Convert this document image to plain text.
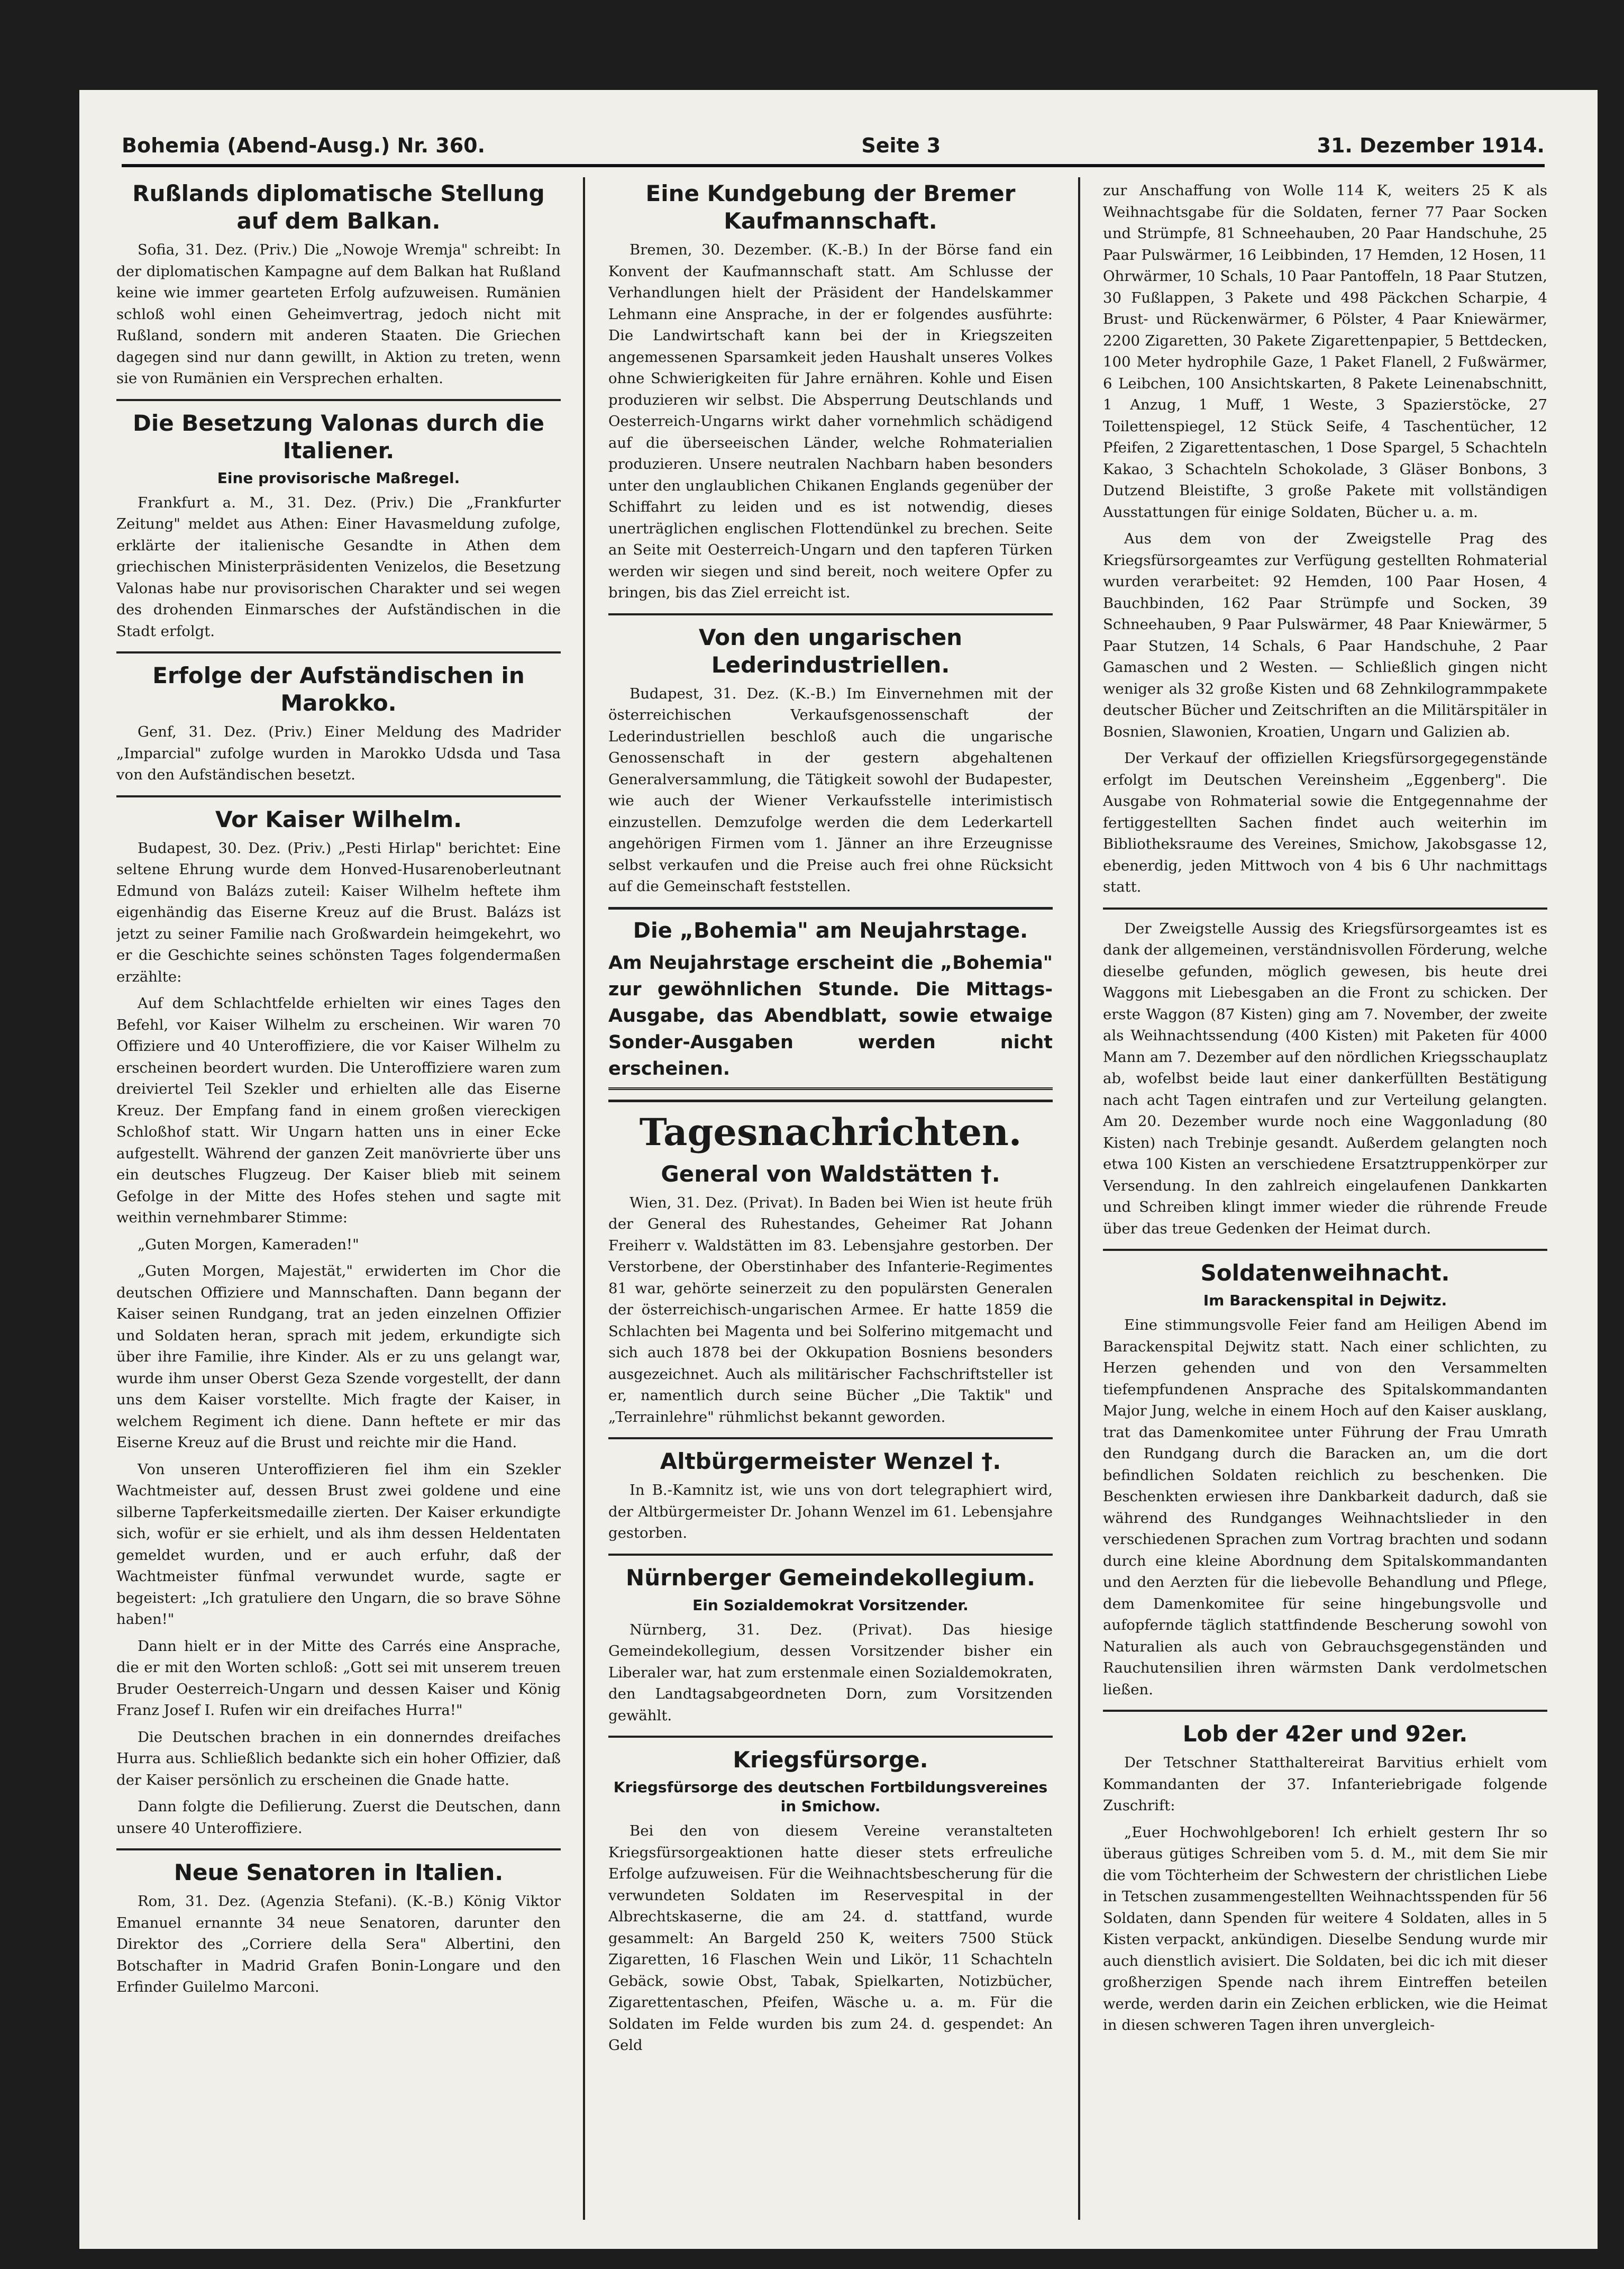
Bohemia (Abend-Ausg.) Nr. 360.	Seite 3	31. Dezember 1914.
Rußlands diplomatische Stellung auf dem Balkan.

Sofia, 31. Dez. (Priv.) Die „Nowoje Wremja" schreibt: In der diplomatischen Kampagne auf dem Balkan hat Rußland keine wie immer gearteten Erfolg aufzuweisen. Rumänien schloß wohl einen Geheimvertrag, jedoch nicht mit Rußland, sondern mit anderen Staaten. Die Griechen dagegen sind nur dann gewillt, in Aktion zu treten, wenn sie von Rumänien ein Versprechen erhalten.

Die Besetzung Valonas durch die Italiener.
Eine provisorische Maßregel.

Frankfurt a. M., 31. Dez. (Priv.) Die „Frankfurter Zeitung" meldet aus Athen: Einer Havasmeldung zufolge, erklärte der italienische Gesandte in Athen dem griechischen Ministerpräsidenten Venizelos, die Besetzung Valonas habe nur provisorischen Charakter und sei wegen des drohenden Einmarsches der Aufständischen in die Stadt erfolgt.

Erfolge der Aufständischen in Marokko.

Genf, 31. Dez. (Priv.) Einer Meldung des Madrider „Imparcial" zufolge wurden in Marokko Udsda und Tasa von den Aufständischen besetzt.

Vor Kaiser Wilhelm.

Budapest, 30. Dez. (Priv.) „Pesti Hirlap" berichtet: Eine seltene Ehrung wurde dem Honved-Husarenoberleutnant Edmund von Balázs zuteil: Kaiser Wilhelm heftete ihm eigenhändig das Eiserne Kreuz auf die Brust. Balázs ist jetzt zu seiner Familie nach Großwardein heimgekehrt, wo er die Geschichte seines schönsten Tages folgendermaßen erzählte:

Auf dem Schlachtfelde erhielten wir eines Tages den Befehl, vor Kaiser Wilhelm zu erscheinen. Wir waren 70 Offiziere und 40 Unteroffiziere, die vor Kaiser Wilhelm zu erscheinen beordert wurden. Die Unteroffiziere waren zum dreiviertel Teil Szekler und erhielten alle das Eiserne Kreuz. Der Empfang fand in einem großen viereckigen Schloßhof statt. Wir Ungarn hatten uns in einer Ecke aufgestellt. Während der ganzen Zeit manövrierte über uns ein deutsches Flugzeug. Der Kaiser blieb mit seinem Gefolge in der Mitte des Hofes stehen und sagte mit weithin vernehmbarer Stimme:

„Guten Morgen, Kameraden!"

„Guten Morgen, Majestät," erwiderten im Chor die deutschen Offiziere und Mannschaften. Dann begann der Kaiser seinen Rundgang, trat an jeden einzelnen Offizier und Soldaten heran, sprach mit jedem, erkundigte sich über ihre Familie, ihre Kinder. Als er zu uns gelangt war, wurde ihm unser Oberst Geza Szende vorgestellt, der dann uns dem Kaiser vorstellte. Mich fragte der Kaiser, in welchem Regiment ich diene. Dann heftete er mir das Eiserne Kreuz auf die Brust und reichte mir die Hand.

Von unseren Unteroffizieren fiel ihm ein Szekler Wachtmeister auf, dessen Brust zwei goldene und eine silberne Tapferkeitsmedaille zierten. Der Kaiser erkundigte sich, wofür er sie erhielt, und als ihm dessen Heldentaten gemeldet wurden, und er auch erfuhr, daß der Wachtmeister fünfmal verwundet wurde, sagte er begeistert: „Ich gratuliere den Ungarn, die so brave Söhne haben!"

Dann hielt er in der Mitte des Carrés eine Ansprache, die er mit den Worten schloß: „Gott sei mit unserem treuen Bruder Oesterreich-Ungarn und dessen Kaiser und König Franz Josef I. Rufen wir ein dreifaches Hurra!"

Die Deutschen brachen in ein donnerndes dreifaches Hurra aus. Schließlich bedankte sich ein hoher Offizier, daß der Kaiser persönlich zu erscheinen die Gnade hatte.

Dann folgte die Defilierung. Zuerst die Deutschen, dann unsere 40 Unteroffiziere.

Neue Senatoren in Italien.

Rom, 31. Dez. (Agenzia Stefani). (K.-B.) König Viktor Emanuel ernannte 34 neue Senatoren, darunter den Direktor des „Corriere della Sera" Albertini, den Botschafter in Madrid Grafen Bonin-Longare und den Erfinder Guilelmo Marconi.

Eine Kundgebung der Bremer Kaufmannschaft.

Bremen, 30. Dezember. (K.-B.) In der Börse fand ein Konvent der Kaufmannschaft statt. Am Schlusse der Verhandlungen hielt der Präsident der Handelskammer Lehmann eine Ansprache, in der er folgendes ausführte: Die Landwirtschaft kann bei der in Kriegszeiten angemessenen Sparsamkeit jeden Haushalt unseres Volkes ohne Schwierigkeiten für Jahre ernähren. Kohle und Eisen produzieren wir selbst. Die Absperrung Deutschlands und Oesterreich-Ungarns wirkt daher vornehmlich schädigend auf die überseeischen Länder, welche Rohmaterialien produzieren. Unsere neutralen Nachbarn haben besonders unter den unglaublichen Chikanen Englands gegenüber der Schiffahrt zu leiden und es ist notwendig, dieses unerträglichen englischen Flottendünkel zu brechen. Seite an Seite mit Oesterreich-Ungarn und den tapferen Türken werden wir siegen und sind bereit, noch weitere Opfer zu bringen, bis das Ziel erreicht ist.

Von den ungarischen Lederindustriellen.

Budapest, 31. Dez. (K.-B.) Im Einvernehmen mit der österreichischen Verkaufsgenossenschaft der Lederindustriellen beschloß auch die ungarische Genossenschaft in der gestern abgehaltenen Generalversammlung, die Tätigkeit sowohl der Budapester, wie auch der Wiener Verkaufsstelle interimistisch einzustellen. Demzufolge werden die dem Lederkartell angehörigen Firmen vom 1. Jänner an ihre Erzeugnisse selbst verkaufen und die Preise auch frei ohne Rücksicht auf die Gemeinschaft feststellen.

Die „Bohemia" am Neujahrstage.

Am Neujahrstage erscheint die „Bohemia" zur gewöhnlichen Stunde. Die Mittags-Ausgabe, das Abendblatt, sowie etwaige Sonder-Ausgaben werden nicht erscheinen.

Tagesnachrichten.
General von Waldstätten †.

Wien, 31. Dez. (Privat). In Baden bei Wien ist heute früh der General des Ruhestandes, Geheimer Rat Johann Freiherr v. Waldstätten im 83. Lebensjahre gestorben. Der Verstorbene, der Oberstinhaber des Infanterie-Regimentes 81 war, gehörte seinerzeit zu den populärsten Generalen der österreichisch-ungarischen Armee. Er hatte 1859 die Schlachten bei Magenta und bei Solferino mitgemacht und sich auch 1878 bei der Okkupation Bosniens besonders ausgezeichnet. Auch als militärischer Fachschriftsteller ist er, namentlich durch seine Bücher „Die Taktik" und „Terrainlehre" rühmlichst bekannt geworden.

Altbürgermeister Wenzel †.

In B.-Kamnitz ist, wie uns von dort telegraphiert wird, der Altbürgermeister Dr. Johann Wenzel im 61. Lebensjahre gestorben.

Nürnberger Gemeindekollegium.
Ein Sozialdemokrat Vorsitzender.

Nürnberg, 31. Dez. (Privat). Das hiesige Gemeindekollegium, dessen Vorsitzender bisher ein Liberaler war, hat zum erstenmale einen Sozialdemokraten, den Landtagsabgeordneten Dorn, zum Vorsitzenden gewählt.

Kriegsfürsorge.
Kriegsfürsorge des deutschen Fortbildungsvereines in Smichow.

Bei den von diesem Vereine veranstalteten Kriegsfürsorgeaktionen hatte dieser stets erfreuliche Erfolge aufzuweisen. Für die Weihnachtsbescherung für die verwundeten Soldaten im Reservespital in der Albrechtskaserne, die am 24. d. stattfand, wurde gesammelt: An Bargeld 250 K, weiters 7500 Stück Zigaretten, 16 Flaschen Wein und Likör, 11 Schachteln Gebäck, sowie Obst, Tabak, Spielkarten, Notizbücher, Zigarettentaschen, Pfeifen, Wäsche u. a. m. Für die Soldaten im Felde wurden bis zum 24. d. gespendet: An Geld

zur Anschaffung von Wolle 114 K, weiters 25 K als Weihnachtsgabe für die Soldaten, ferner 77 Paar Socken und Strümpfe, 81 Schneehauben, 20 Paar Handschuhe, 25 Paar Pulswärmer, 16 Leibbinden, 17 Hemden, 12 Hosen, 11 Ohrwärmer, 10 Schals, 10 Paar Pantoffeln, 18 Paar Stutzen, 30 Fußlappen, 3 Pakete und 498 Päckchen Scharpie, 4 Brust- und Rückenwärmer, 6 Pölster, 4 Paar Kniewärmer, 2200 Zigaretten, 30 Pakete Zigarettenpapier, 5 Bettdecken, 100 Meter hydrophile Gaze, 1 Paket Flanell, 2 Fußwärmer, 6 Leibchen, 100 Ansichtskarten, 8 Pakete Leinenabschnitt, 1 Anzug, 1 Muff, 1 Weste, 3 Spazierstöcke, 27 Toilettenspiegel, 12 Stück Seife, 4 Taschentücher, 12 Pfeifen, 2 Zigarettentaschen, 1 Dose Spargel, 5 Schachteln Kakao, 3 Schachteln Schokolade, 3 Gläser Bonbons, 3 Dutzend Bleistifte, 3 große Pakete mit vollständigen Ausstattungen für einige Soldaten, Bücher u. a. m.

Aus dem von der Zweigstelle Prag des Kriegsfürsorgeamtes zur Verfügung gestellten Rohmaterial wurden verarbeitet: 92 Hemden, 100 Paar Hosen, 4 Bauchbinden, 162 Paar Strümpfe und Socken, 39 Schneehauben, 9 Paar Pulswärmer, 48 Paar Kniewärmer, 5 Paar Stutzen, 14 Schals, 6 Paar Handschuhe, 2 Paar Gamaschen und 2 Westen. — Schließlich gingen nicht weniger als 32 große Kisten und 68 Zehnkilogrammpakete deutscher Bücher und Zeitschriften an die Militärspitäler in Bosnien, Slawonien, Kroatien, Ungarn und Galizien ab.

Der Verkauf der offiziellen Kriegsfürsorgegegenstände erfolgt im Deutschen Vereinsheim „Eggenberg". Die Ausgabe von Rohmaterial sowie die Entgegennahme der fertiggestellten Sachen findet auch weiterhin im Bibliotheksraume des Vereines, Smichow, Jakobsgasse 12, ebenerdig, jeden Mittwoch von 4 bis 6 Uhr nachmittags statt.

Der Zweigstelle Aussig des Kriegsfürsorgeamtes ist es dank der allgemeinen, verständnisvollen Förderung, welche dieselbe gefunden, möglich gewesen, bis heute drei Waggons mit Liebesgaben an die Front zu schicken. Der erste Waggon (87 Kisten) ging am 7. November, der zweite als Weihnachtssendung (400 Kisten) mit Paketen für 4000 Mann am 7. Dezember auf den nördlichen Kriegsschauplatz ab, wofelbst beide laut einer dankerfüllten Bestätigung nach acht Tagen eintrafen und zur Verteilung gelangten. Am 20. Dezember wurde noch eine Waggonladung (80 Kisten) nach Trebinje gesandt. Außerdem gelangten noch etwa 100 Kisten an verschiedene Ersatztruppenkörper zur Versendung. In den zahlreich eingelaufenen Dankkarten und Schreiben klingt immer wieder die rührende Freude über das treue Gedenken der Heimat durch.

Soldatenweihnacht.
Im Barackenspital in Dejwitz.

Eine stimmungsvolle Feier fand am Heiligen Abend im Barackenspital Dejwitz statt. Nach einer schlichten, zu Herzen gehenden und von den Versammelten tiefempfundenen Ansprache des Spitalskommandanten Major Jung, welche in einem Hoch auf den Kaiser ausklang, trat das Damenkomitee unter Führung der Frau Umrath den Rundgang durch die Baracken an, um die dort befindlichen Soldaten reichlich zu beschenken. Die Beschenkten erwiesen ihre Dankbarkeit dadurch, daß sie während des Rundganges Weihnachtslieder in den verschiedenen Sprachen zum Vortrag brachten und sodann durch eine kleine Abordnung dem Spitalskommandanten und den Aerzten für die liebevolle Behandlung und Pflege, dem Damenkomitee für seine hingebungsvolle und aufopfernde täglich stattfindende Bescherung sowohl von Naturalien als auch von Gebrauchsgegenständen und Rauchutensilien ihren wärmsten Dank verdolmetschen ließen.

Lob der 42er und 92er.

Der Tetschner Statthaltereirat Barvitius erhielt vom Kommandanten der 37. Infanteriebrigade folgende Zuschrift:

„Euer Hochwohlgeboren! Ich erhielt gestern Ihr so überaus gütiges Schreiben vom 5. d. M., mit dem Sie mir die vom Töchterheim der Schwestern der christlichen Liebe in Tetschen zusammengestellten Weihnachtsspenden für 56 Soldaten, dann Spenden für weitere 4 Soldaten, alles in 5 Kisten verpackt, ankündigen. Dieselbe Sendung wurde mir auch dienstlich avisiert. Die Soldaten, bei dic ich mit dieser großherzigen Spende nach ihrem Eintreffen beteilen werde, werden darin ein Zeichen erblicken, wie die Heimat in diesen schweren Tagen ihren unvergleich-
